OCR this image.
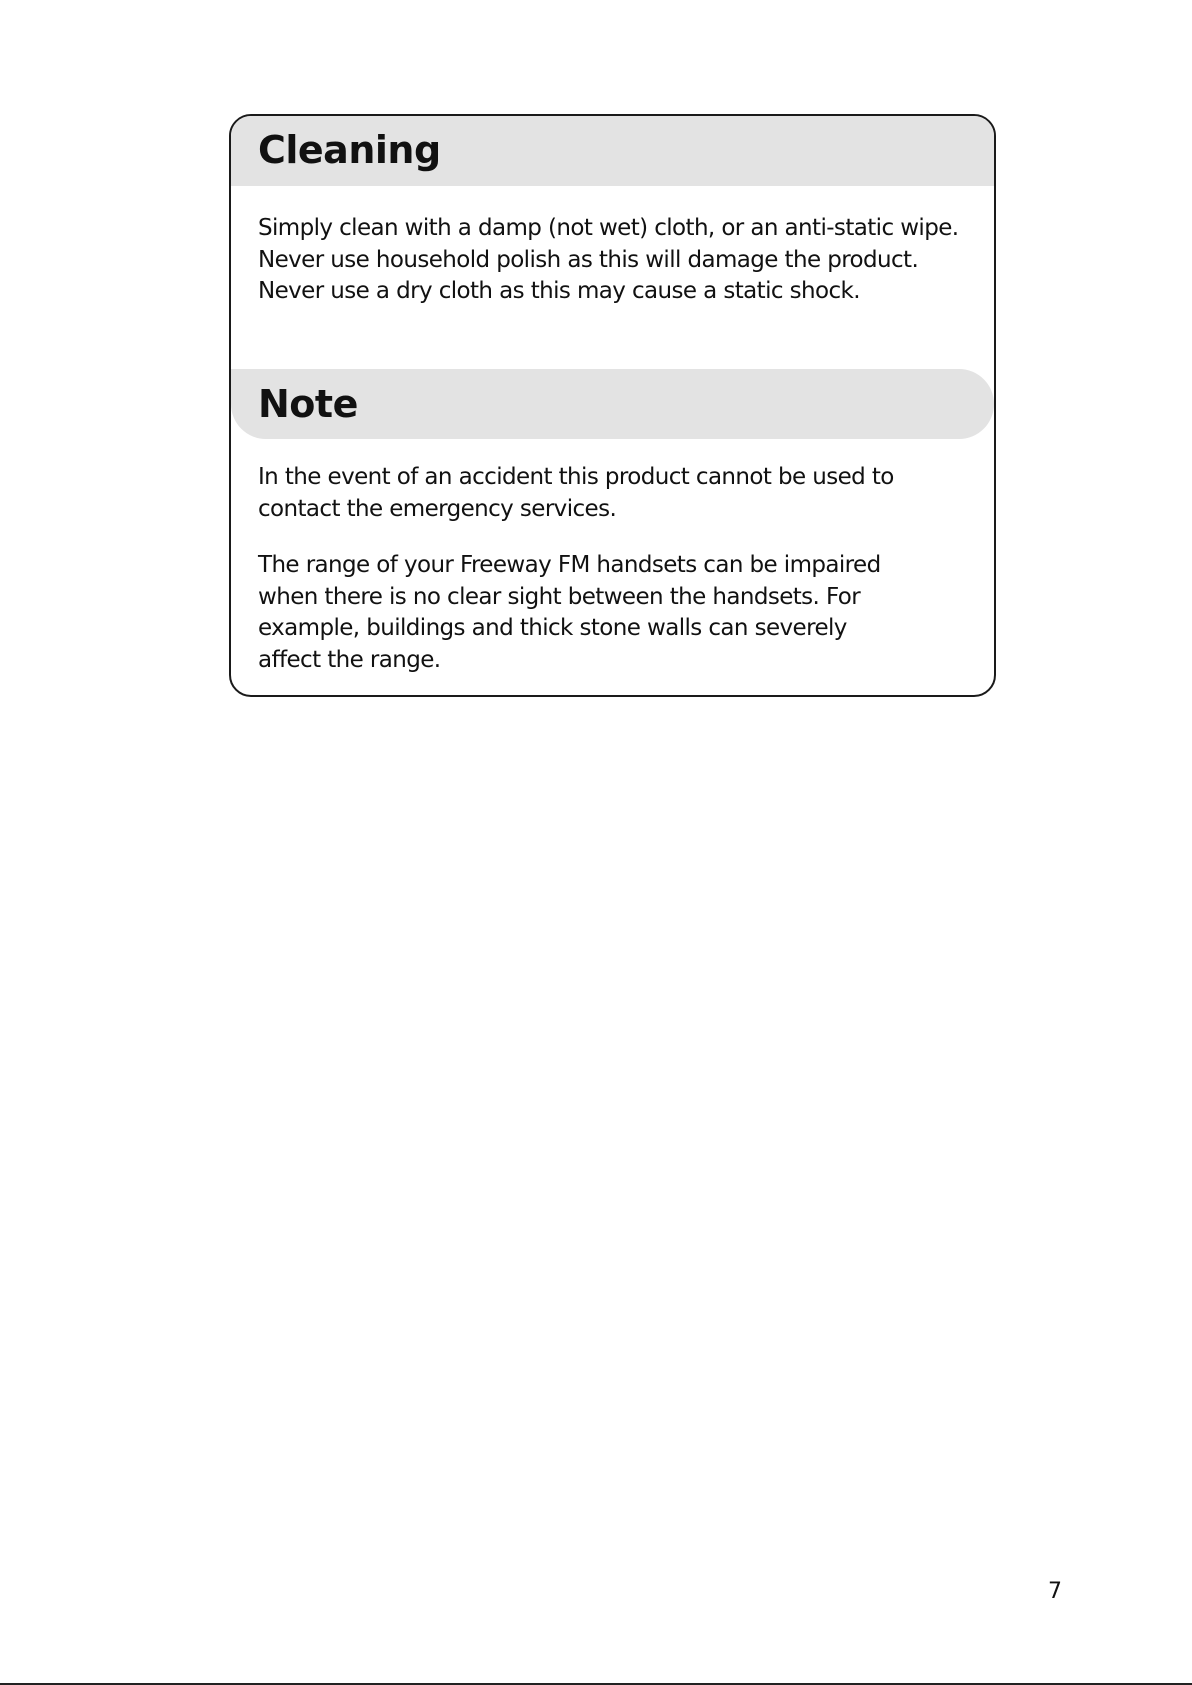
Cleaning

Simply clean with a damp (not wet) cloth, or an anti-static wipe.
Never use household polish as this will damage the product.
Never use a dry cloth as this may cause a static shock.

Note

In the event of an accident this product cannot be used to
contact the emergency services.

The range of your Freeway FM handsets can be impaired
when there is no clear sight between the handsets. For
example, buildings and thick stone walls can severely
affect the range.

7
